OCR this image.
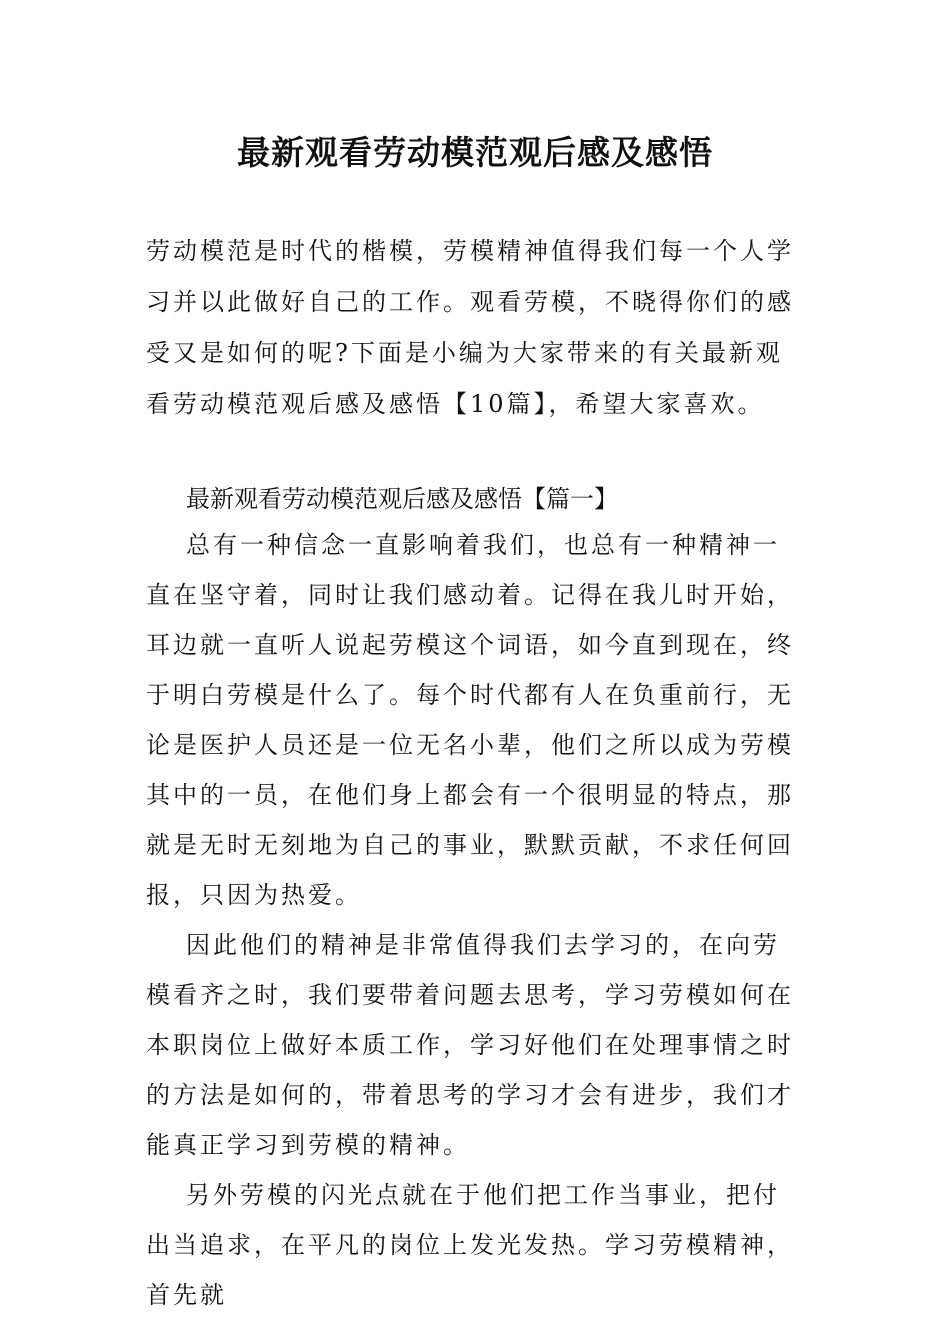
最新观看劳动模范观后感及感悟

劳动模范是时代的楷模，劳模精神值得我们每一个人学习并以此做好自己的工作。观看劳模，不晓得你们的感受又是如何的呢?下面是小编为大家带来的有关最新观看劳动模范观后感及感悟【10篇】，希望大家喜欢。

最新观看劳动模范观后感及感悟【篇一】

总有一种信念一直影响着我们，也总有一种精神一直在坚守着，同时让我们感动着。记得在我儿时开始，耳边就一直听人说起劳模这个词语，如今直到现在，终于明白劳模是什么了。每个时代都有人在负重前行，无论是医护人员还是一位无名小辈，他们之所以成为劳模其中的一员，在他们身上都会有一个很明显的特点，那就是无时无刻地为自己的事业，默默贡献，不求任何回报，只因为热爱。

因此他们的精神是非常值得我们去学习的，在向劳模看齐之时，我们要带着问题去思考，学习劳模如何在本职岗位上做好本质工作，学习好他们在处理事情之时的方法是如何的，带着思考的学习才会有进步，我们才能真正学习到劳模的精神。

另外劳模的闪光点就在于他们把工作当事业，把付出当追求，在平凡的岗位上发光发热。学习劳模精神，首先就
